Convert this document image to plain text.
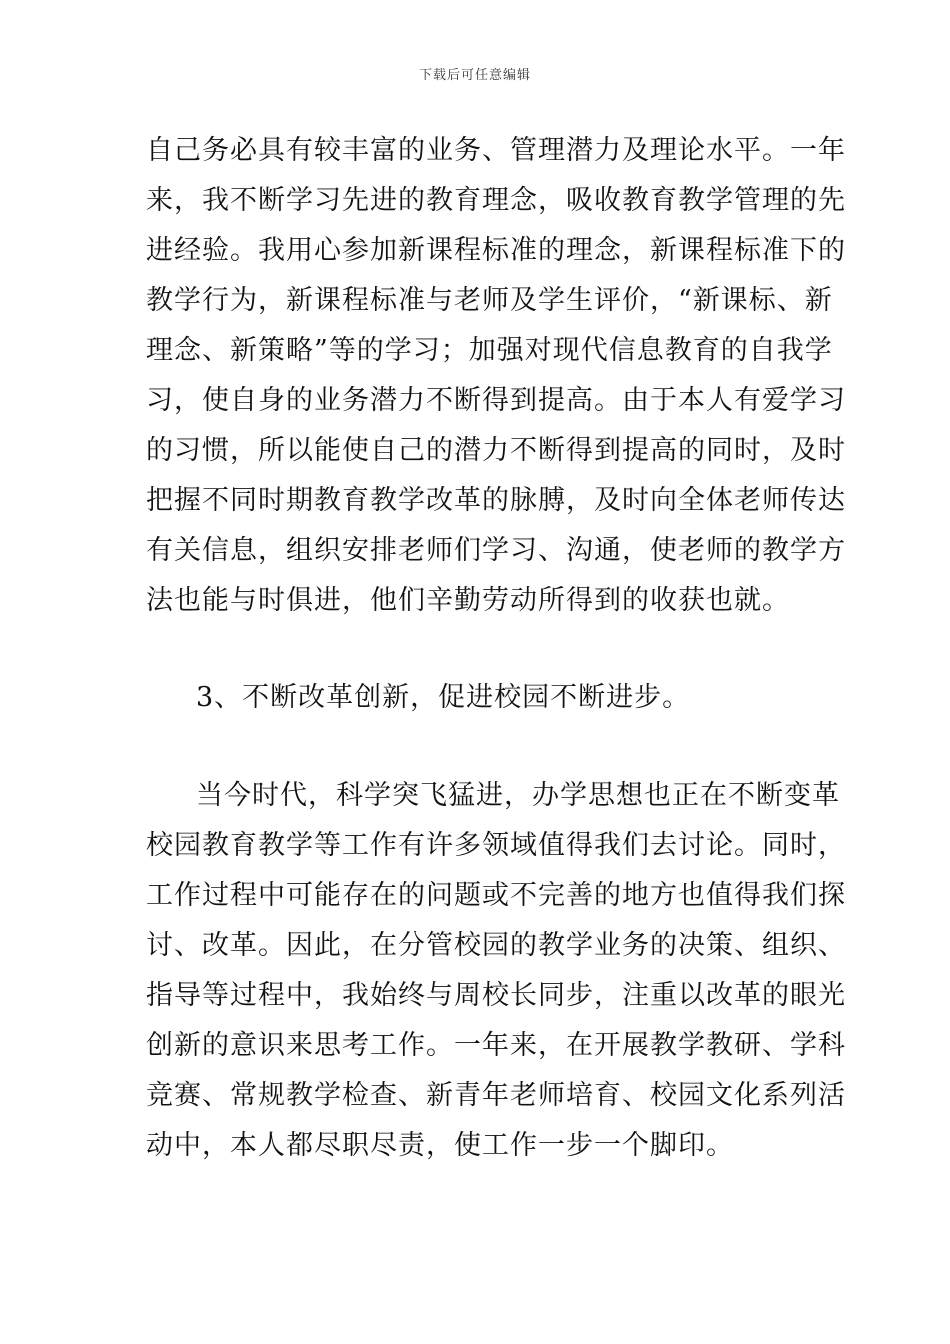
下载后可任意编辑
自己务必具有较丰富的业务、管理潜力及理论水平。一年
来，我不断学习先进的教育理念，吸收教育教学管理的先
进经验。我用心参加新课程标准的理念，新课程标准下的
教学行为，新课程标准与老师及学生评价，“新课标、新
理念、新策略”等的学习；加强对现代信息教育的自我学
习，使自身的业务潜力不断得到提高。由于本人有爱学习
的习惯，所以能使自己的潜力不断得到提高的同时，及时
把握不同时期教育教学改革的脉膊，及时向全体老师传达
有关信息，组织安排老师们学习、沟通，使老师的教学方
法也能与时俱进，他们辛勤劳动所得到的收获也就。
3、不断改革创新，促进校园不断进步。
当今时代，科学突飞猛进，办学思想也正在不断变革
校园教育教学等工作有许多领域值得我们去讨论。同时，
工作过程中可能存在的问题或不完善的地方也值得我们探
讨、改革。因此，在分管校园的教学业务的决策、组织、
指导等过程中，我始终与周校长同步，注重以改革的眼光
创新的意识来思考工作。一年来，在开展教学教研、学科
竞赛、常规教学检查、新青年老师培育、校园文化系列活
动中，本人都尽职尽责，使工作一步一个脚印。
